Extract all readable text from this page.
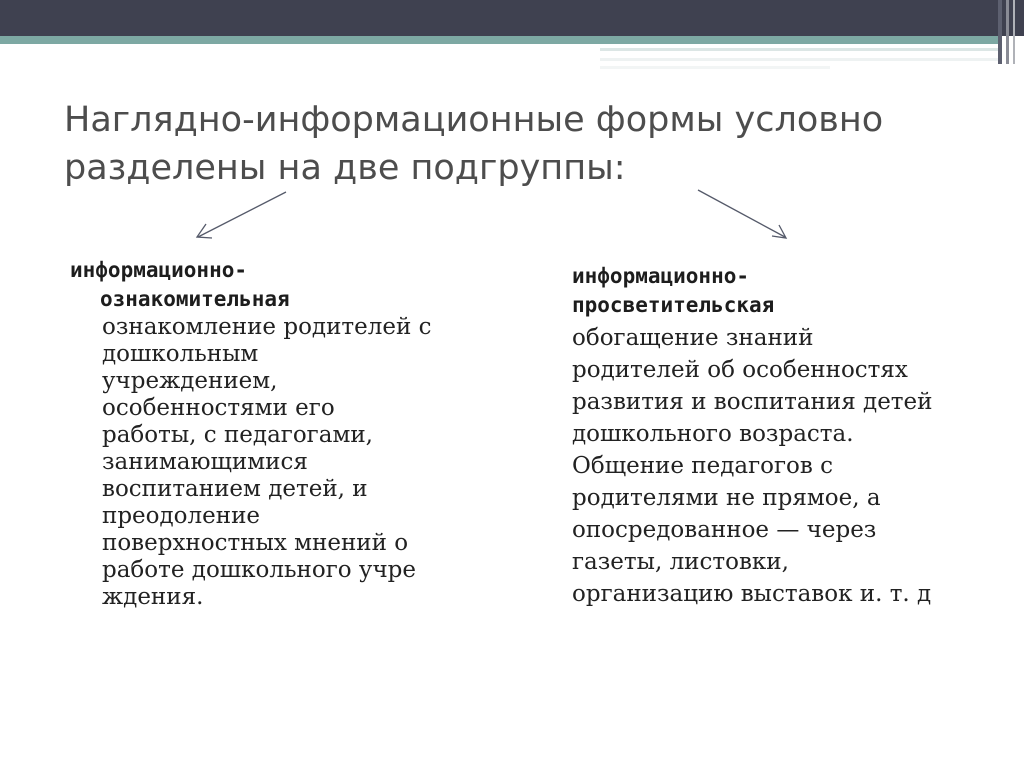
Наглядно-информационные формы условно разделены на две подгруппы:

информационно-
ознакомительная

ознакомление родителей с
дошкольным
учреждением,
особенностями его
работы, с педагогами,
занимающимися
воспитанием детей, и
преодоление
поверхностных мнений о
работе дошкольного учре
ждения.

информационно-
просветительская

обогащение знаний
родителей об особенностях
развития и воспитания детей
дошкольного возраста.
Общение педагогов с
родителями не прямое, а
опосредованное — через
газеты, листовки,
организацию выставок и. т. д
